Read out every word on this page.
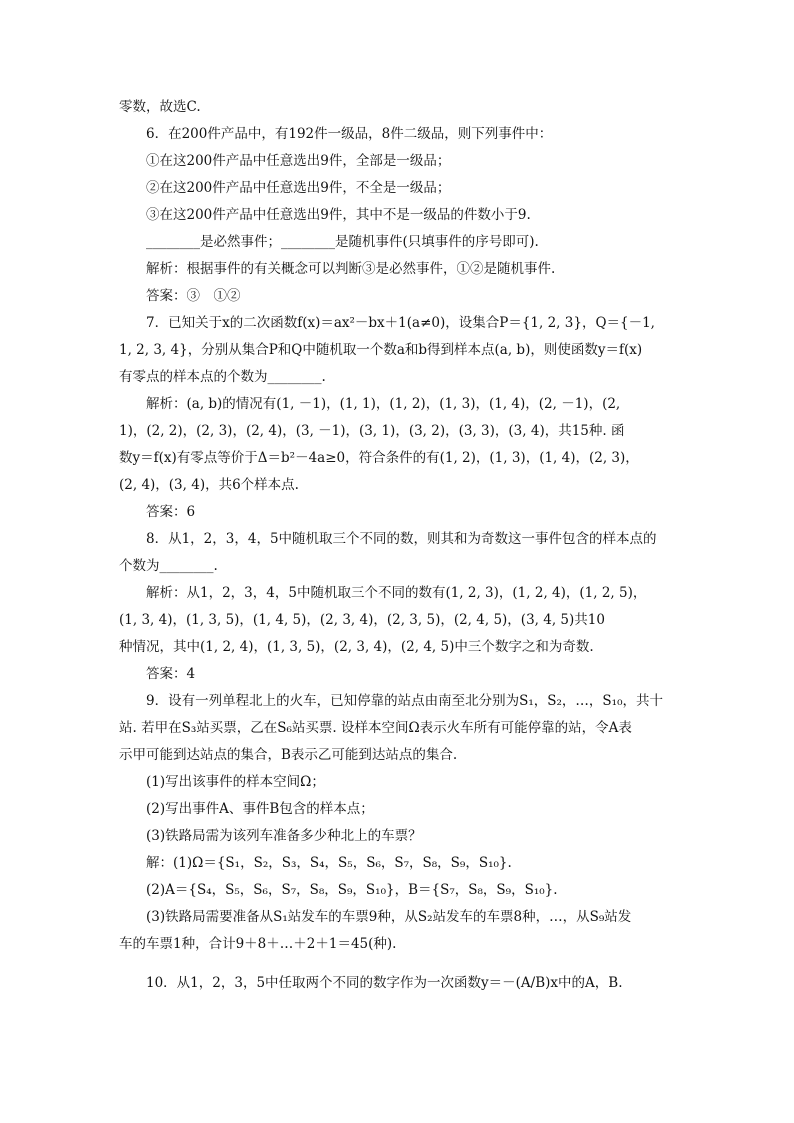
零数，故选C.
6．在200件产品中，有192件一级品，8件二级品，则下列事件中：
①在这200件产品中任意选出9件，全部是一级品；
②在这200件产品中任意选出9件，不全是一级品；
③在这200件产品中任意选出9件，其中不是一级品的件数小于9.
________是必然事件；________是随机事件(只填事件的序号即可).
解析：根据事件的有关概念可以判断③是必然事件，①②是随机事件.
答案：③　①②
7．已知关于x的二次函数f(x)＝ax²－bx＋1(a≠0)，设集合P＝{1, 2, 3}，Q＝{－1,
1, 2, 3, 4}，分别从集合P和Q中随机取一个数a和b得到样本点(a, b)，则使函数y＝f(x)
有零点的样本点的个数为________.
解析：(a, b)的情况有(1, －1)，(1, 1)，(1, 2)，(1, 3)，(1, 4)，(2, －1)，(2,
1)，(2, 2)，(2, 3)，(2, 4)，(3, －1)，(3, 1)，(3, 2)，(3, 3)，(3, 4)，共15种. 函
数y＝f(x)有零点等价于Δ＝b²－4a≥0，符合条件的有(1, 2)，(1, 3)，(1, 4)，(2, 3)，
(2, 4)，(3, 4)，共6个样本点.
答案：6
8．从1，2，3，4，5中随机取三个不同的数，则其和为奇数这一事件包含的样本点的
个数为________.
解析：从1，2，3，4，5中随机取三个不同的数有(1, 2, 3)，(1, 2, 4)，(1, 2, 5)，
(1, 3, 4)，(1, 3, 5)，(1, 4, 5)，(2, 3, 4)，(2, 3, 5)，(2, 4, 5)，(3, 4, 5)共10
种情况，其中(1, 2, 4)，(1, 3, 5)，(2, 3, 4)，(2, 4, 5)中三个数字之和为奇数.
答案：4
9．设有一列单程北上的火车，已知停靠的站点由南至北分别为S₁，S₂，…，S₁₀，共十
站. 若甲在S₃站买票，乙在S₆站买票. 设样本空间Ω表示火车所有可能停靠的站，令A表
示甲可能到达站点的集合，B表示乙可能到达站点的集合.
(1)写出该事件的样本空间Ω；
(2)写出事件A、事件B包含的样本点；
(3)铁路局需为该列车准备多少种北上的车票？
解：(1)Ω＝{S₁，S₂，S₃，S₄，S₅，S₆，S₇，S₈，S₉，S₁₀}.
(2)A＝{S₄，S₅，S₆，S₇，S₈，S₉，S₁₀}，B＝{S₇，S₈，S₉，S₁₀}.
(3)铁路局需要准备从S₁站发车的车票9种，从S₂站发车的车票8种，…，从S₉站发
车的车票1种，合计9＋8＋…＋2＋1＝45(种).
10．从1，2，3，5中任取两个不同的数字作为一次函数y＝－(A/B)x中的A，B.
